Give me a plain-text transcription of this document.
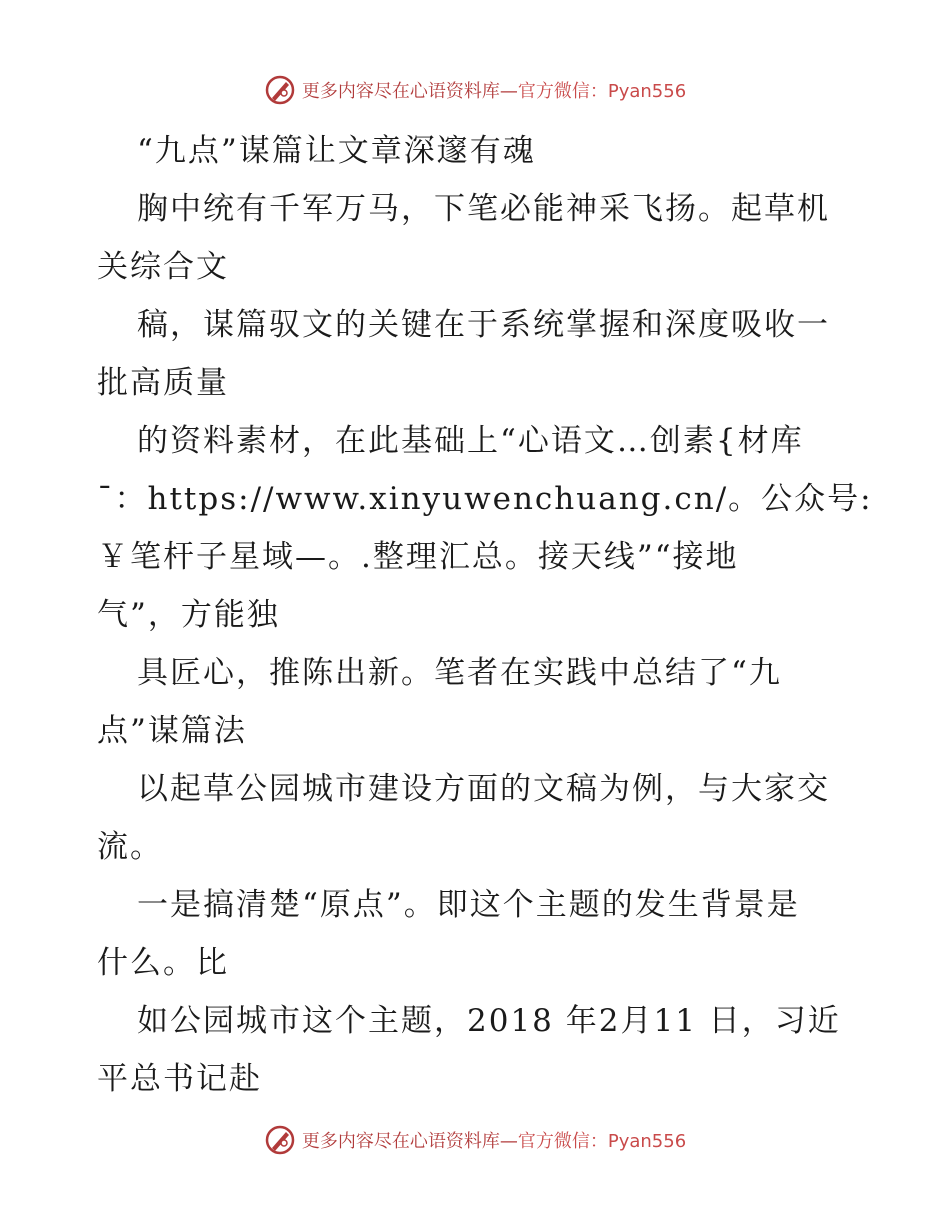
更多内容尽在心语资料库— 官方微信：Pyan556
“九点”谋篇让文章深邃有魂
胸中统有千军万马，下笔必能神采飞扬。起草机
关综合文
稿，谋篇驭文的关键在于系统掌握和深度吸收一
批高质量
的资料素材，在此基础上“心语文…创素{材库
ˉ：https://www.xinyuwenchuang.cn/。公众号:
￥笔杆子星域—。.整理汇总。接天线”“接地
气”，方能独
具匠心，推陈出新。笔者在实践中总结了“九
点”谋篇法
以起草公园城市建设方面的文稿为例，与大家交
流。
一是搞清楚“原点”。即这个主题的发生背景是
什么。比
如公园城市这个主题，2018 年2月11 日，习近
平总书记赴
更多内容尽在心语资料库— 官方微信：Pyan556
